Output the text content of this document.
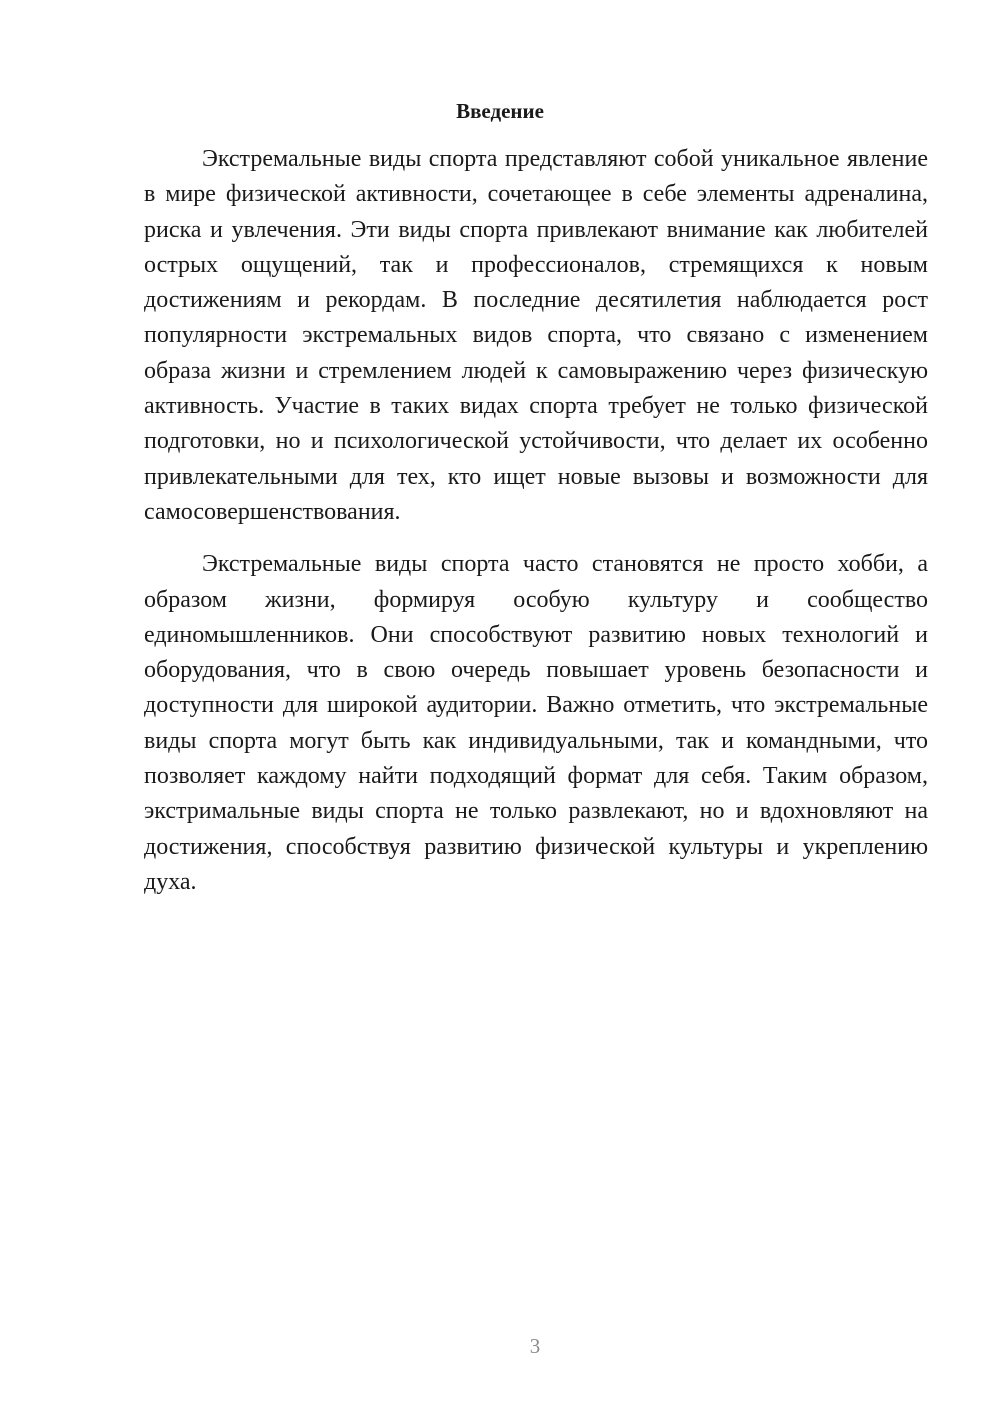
Введение

Экстремальные виды спорта представляют собой уникальное явление в мире физической активности, сочетающее в себе элементы адреналина, риска и увлечения. Эти виды спорта привлекают внимание как любителей острых ощущений, так и профессионалов, стремящихся к новым достижениям и рекордам. В последние десятилетия наблюдается рост популярности экстремальных видов спорта, что связано с изменением образа жизни и стремлением людей к самовыражению через физическую активность. Участие в таких видах спорта требует не только физической подготовки, но и психологической устойчивости, что делает их особенно привлекательными для тех, кто ищет новые вызовы и возможности для самосовершенствования.

Экстремальные виды спорта часто становятся не просто хобби, а образом жизни, формируя особую культуру и сообщество единомышленников. Они способствуют развитию новых технологий и оборудования, что в свою очередь повышает уровень безопасности и доступности для широкой аудитории. Важно отметить, что экстремальные виды спорта могут быть как индивидуальными, так и командными, что позволяет каждому найти подходящий формат для себя. Таким образом, экстримальные виды спорта не только развлекают, но и вдохновляют на достижения, способствуя развитию физической культуры и укреплению духа.

3
